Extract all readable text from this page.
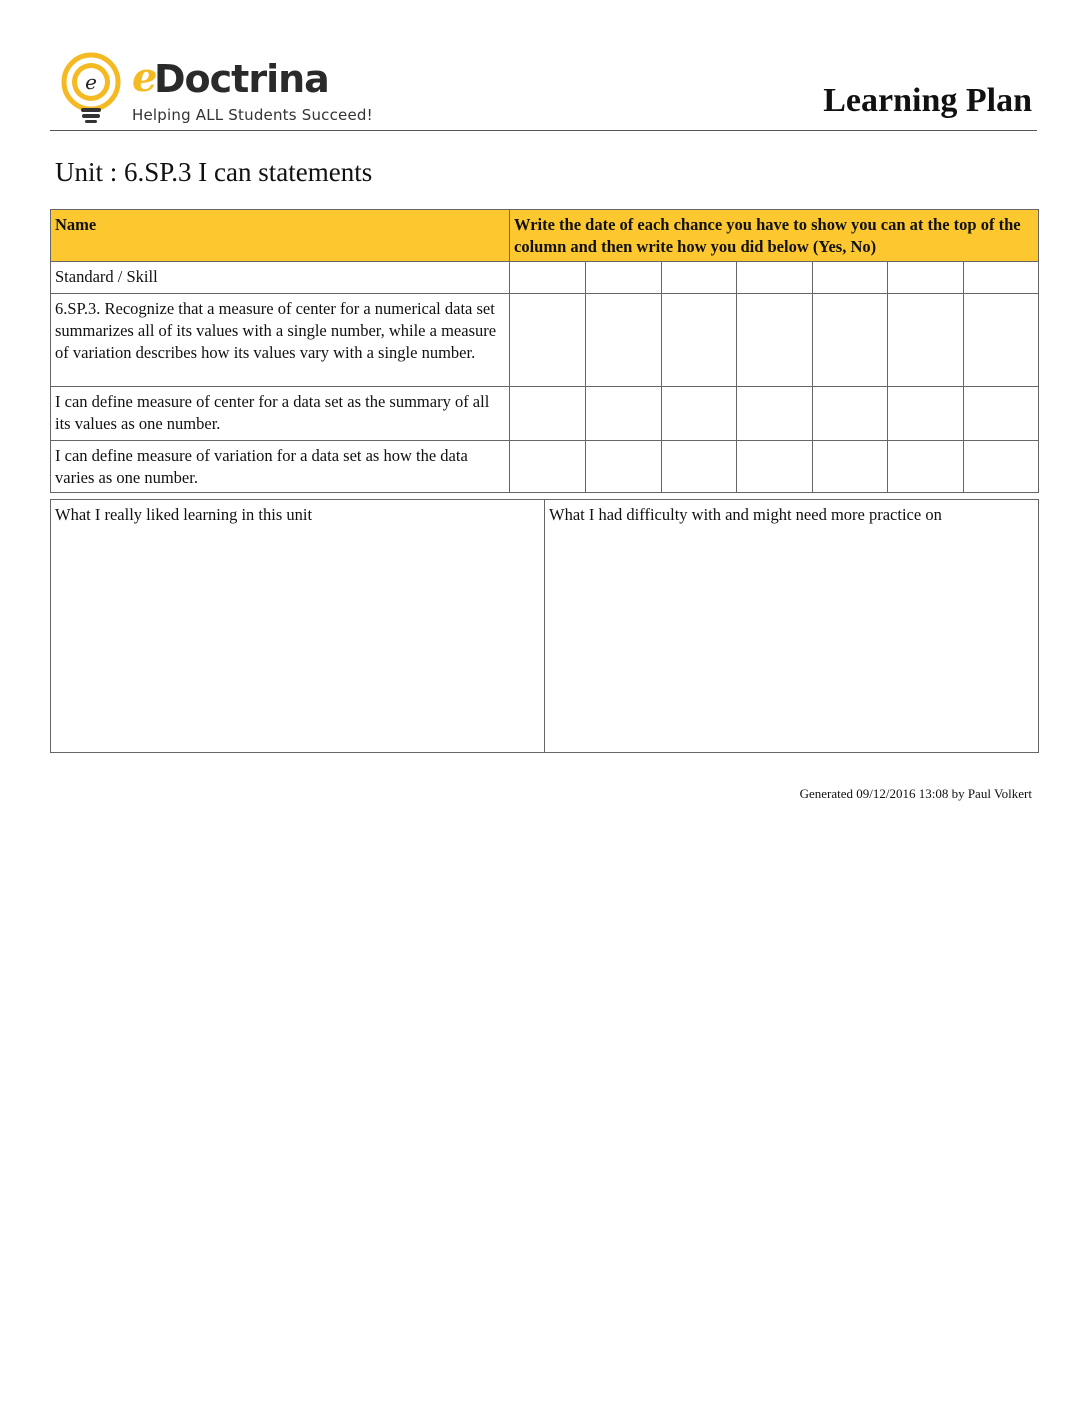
e e
Doctrina
Helping ALL Students Succeed!	Learning Plan
Unit : 6.SP.3 I can statements
Name	Write the date of each chance you have to show you can at the top of the column and then write how you did below (Yes, No)						
Standard / Skill							
6.SP.3. Recognize that a measure of center for a numerical data set summarizes all of its values with a single number, while a measure of variation describes how its values vary with a single number.							
I can define measure of center for a data set as the summary of all its values as one number.							
I can define measure of variation for a data set as how the data varies as one number.							
What I really liked learning in this unit	What I had difficulty with and might need more practice on
Generated 09/12/2016 13:08 by Paul Volkert
